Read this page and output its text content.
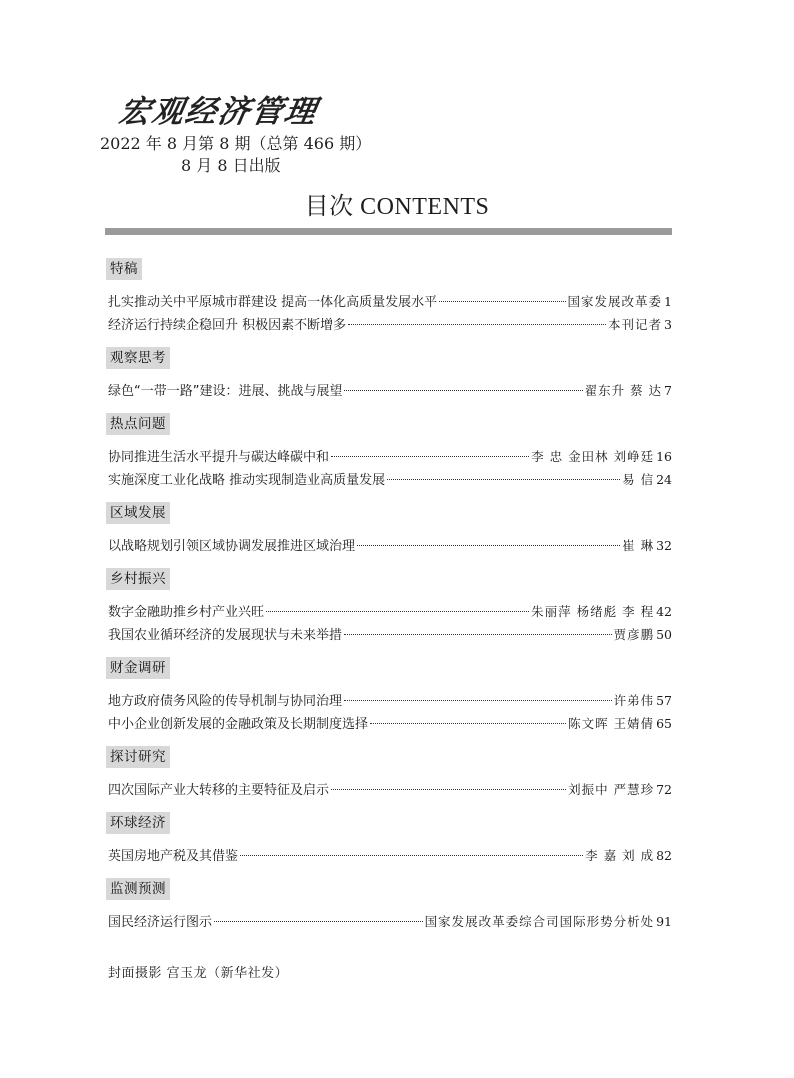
宏观经济管理
2022 年 8 月第 8 期（总第 466 期）
8 月 8 日出版
目次 CONTENTS
特稿
扎实推动关中平原城市群建设 提高一体化高质量发展水平	国家发展改革委 1
经济运行持续企稳回升 积极因素不断增多	本刊记者 3
观察思考
绿色“一带一路”建设：进展、挑战与展望	翟东升 蔡 达 7
热点问题
协同推进生活水平提升与碳达峰碳中和	李 忠 金田林 刘峥廷 16
实施深度工业化战略 推动实现制造业高质量发展	易 信 24
区域发展
以战略规划引领区域协调发展推进区域治理	崔 琳 32
乡村振兴
数字金融助推乡村产业兴旺	朱丽萍 杨绪彪 李 程 42
我国农业循环经济的发展现状与未来举措	贾彦鹏 50
财金调研
地方政府债务风险的传导机制与协同治理	许弟伟 57
中小企业创新发展的金融政策及长期制度选择	陈文晖 王婧倩 65
探讨研究
四次国际产业大转移的主要特征及启示	刘振中 严慧珍 72
环球经济
英国房地产税及其借鉴	李 嘉 刘 成 82
监测预测
国民经济运行图示	国家发展改革委综合司国际形势分析处 91
封面摄影 宫玉龙（新华社发）
